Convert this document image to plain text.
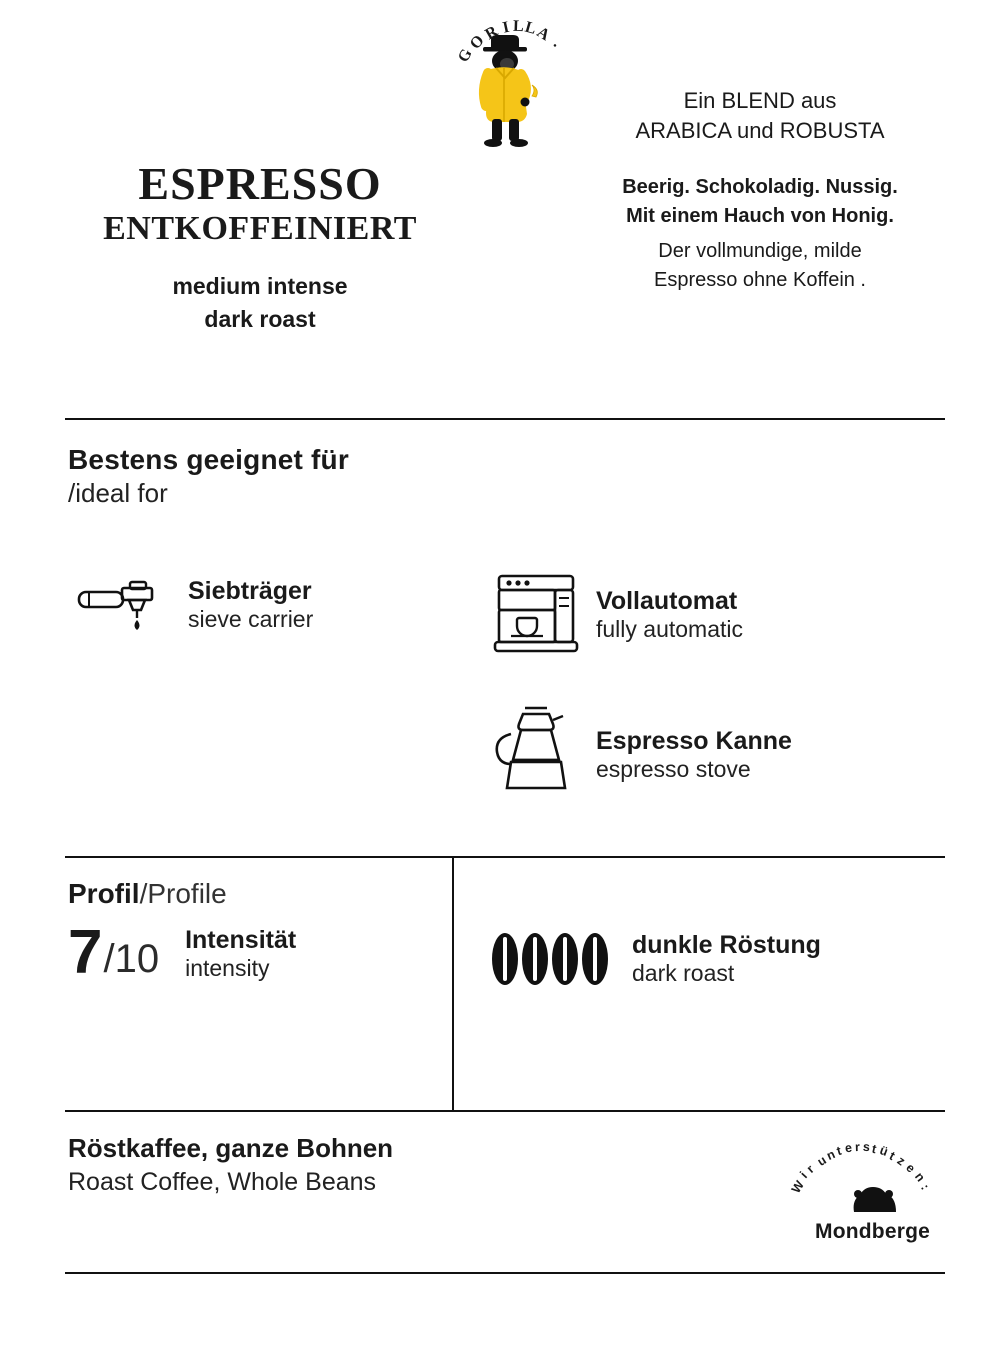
G
O
R
I L
L
A
·
ESPRESSO
ENTKOFFEINIERT
medium intense
dark roast

Ein BLEND aus
ARABICA und ROBUSTA

Beerig. Schokoladig. Nussig.
Mit einem Hauch von Honig.
Der vollmundige, milde
Espresso ohne Koffein .
Bestens geeignet für
/ideal for
Siebträger
sieve carrier
Vollautomat
fully automatic
Espresso Kanne
espresso stove
Profil/Profile
7 /10 Intensität
intensity
dunkle Röstung
dark roast
Röstkaffee, ganze Bohnen
Roast Coffee, Whole Beans	W
i
r
u
n
t e r s t ü
t
z
e
n
:
Mondberge
